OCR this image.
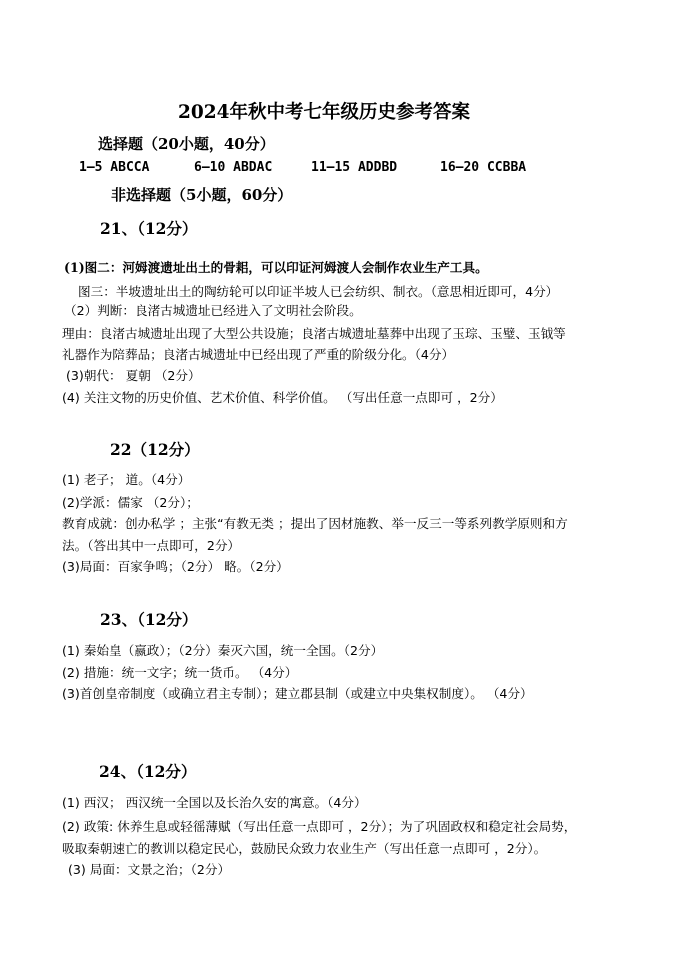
2024年秋中考七年级历史参考答案
选择题（20小题，40分）
1—5 ABCCA	6—10 ABDAC	11—15 ADDBD	16—20 CCBBA
非选择题（5小题，60分）
21、（12分）
(1)图二：河姆渡遗址出土的骨耜，可以印证河姆渡人会制作农业生产工具。
图三：半坡遗址出土的陶纺轮可以印证半坡人已会纺织、制衣。（意思相近即可，4分）
（2）判断：良渚古城遗址已经进入了文明社会阶段。
理由：良渚古城遗址出现了大型公共设施；良渚古城遗址墓葬中出现了玉琮、玉璧、玉钺等
礼器作为陪葬品；良渚古城遗址中已经出现了严重的阶级分化。（4分）
(3)朝代： 夏朝 （2分）
(4) 关注文物的历史价值、艺术价值、科学价值。 （写出任意一点即可 ，2分）
22（12分）
(1) 老子； 道。（4分）
(2)学派：儒家 （2分）；
教育成就：创办私学 ；主张“有教无类 ；提出了因材施教、举一反三一等系列教学原则和方
法。（答出其中一点即可，2分）
(3)局面：百家争鸣；（2分） 略。（2分）
23、（12分）
(1) 秦始皇（嬴政）；（2分）秦灭六国，统一全国。（2分）
(2) 措施：统一文字；统一货币。 （4分）
(3)首创皇帝制度（或确立君主专制）；建立郡县制（或建立中央集权制度）。 （4分）
24、（12分）
(1) 西汉； 西汉统一全国以及长治久安的寓意。（4分）
(2) 政策: 休养生息或轻徭薄赋（写出任意一点即可 ，2分）；为了巩固政权和稳定社会局势，
吸取秦朝速亡的教训以稳定民心，鼓励民众致力农业生产（写出任意一点即可 ，2分）。
(3) 局面：文景之治；（2分）
